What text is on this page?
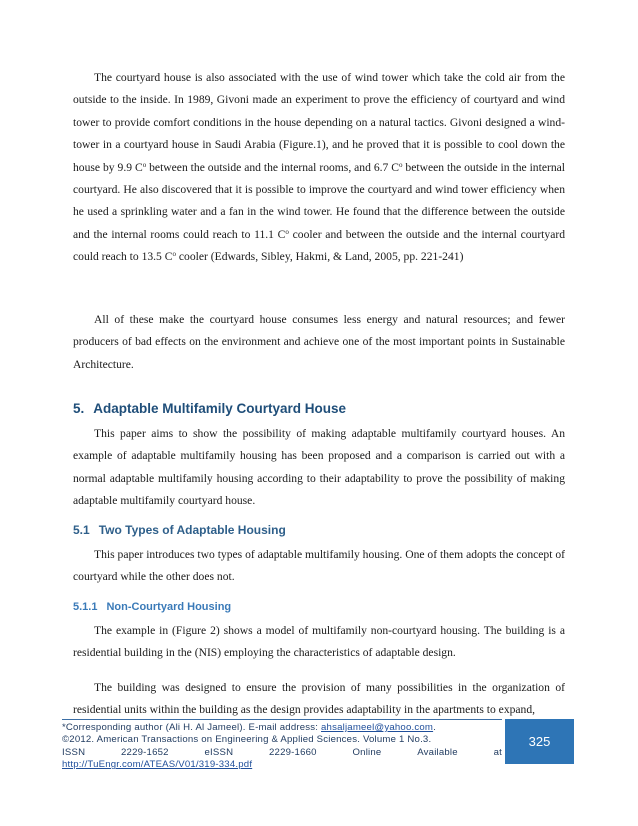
The courtyard house is also associated with the use of wind tower which take the cold air from the outside to the inside. In 1989, Givoni made an experiment to prove the efficiency of courtyard and wind tower to provide comfort conditions in the house depending on a natural tactics. Givoni designed a wind-tower in a courtyard house in Saudi Arabia (Figure.1), and he proved that it is possible to cool down the house by 9.9 $C^o$ between the outside and the internal rooms, and 6.7 $C^o$ between the outside in the internal courtyard. He also discovered that it is possible to improve the courtyard and wind tower efficiency when he used a sprinkling water and a fan in the wind tower. He found that the difference between the outside and the internal rooms could reach to 11.1 $C^o$ cooler and between the outside and the internal courtyard could reach to 13.5 $C^o$ cooler (Edwards, Sibley, Hakmi, & Land, 2005, pp. 221-241)

All of these make the courtyard house consumes less energy and natural resources; and fewer producers of bad effects on the environment and achieve one of the most important points in Sustainable Architecture.

5. Adaptable Multifamily Courtyard House

This paper aims to show the possibility of making adaptable multifamily courtyard houses. An example of adaptable multifamily housing has been proposed and a comparison is carried out with a normal adaptable multifamily housing according to their adaptability to prove the possibility of making adaptable multifamily courtyard house.

5.1 Two Types of Adaptable Housing

This paper introduces two types of adaptable multifamily housing. One of them adopts the concept of courtyard while the other does not.

5.1.1 Non-Courtyard Housing

The example in (Figure 2) shows a model of multifamily non-courtyard housing. The building is a residential building in the (NIS) employing the characteristics of adaptable design.

The building was designed to ensure the provision of many possibilities in the organization of residential units within the building as the design provides adaptability in the apartments to expand,

*Corresponding author (Ali H. Al Jameel). E-mail address: ahsaljameel@yahoo.com.
©2012. American Transactions on Engineering & Applied Sciences. Volume 1 No.3.
ISSN	2229-1652	eISSN	2229-1660	Online	Available	at
http://TuEngr.com/ATEAS/V01/319-334.pdf
325
